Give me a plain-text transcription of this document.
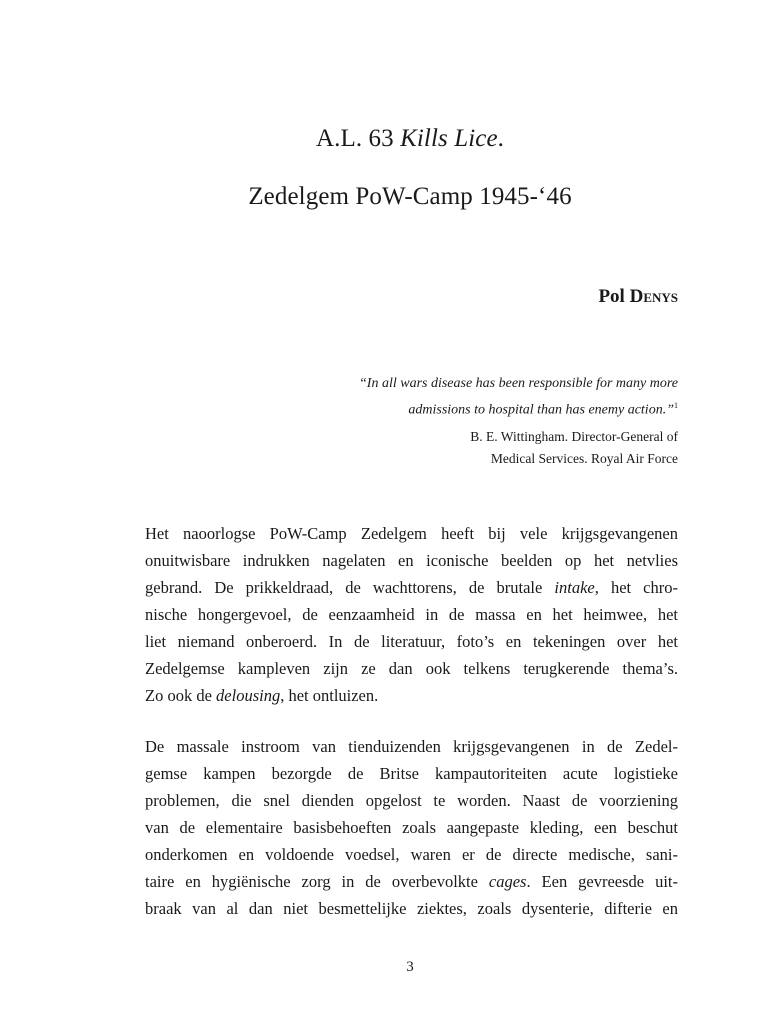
A.L. 63 Kills Lice.
Zedelgem PoW-Camp 1945-‘46
Pol Denys
“In all wars disease has been responsible for many more
admissions to hospital than has enemy action.”$^1$
B. E. Wittingham. Director-General of
Medical Services. Royal Air Force
Het naoorlogse PoW-Camp Zedelgem heeft bij vele krijgsgevangenen
onuitwisbare indrukken nagelaten en iconische beelden op het netvlies
gebrand. De prikkeldraad, de wachttorens, de brutale intake, het chro-
nische hongergevoel, de eenzaamheid in de massa en het heimwee, het
liet niemand onberoerd. In de literatuur, foto’s en tekeningen over het
Zedelgemse kampleven zijn ze dan ook telkens terugkerende thema’s.
Zo ook de delousing, het ontluizen.
De massale instroom van tienduizenden krijgsgevangenen in de Zedel-
gemse kampen bezorgde de Britse kampautoriteiten acute logistieke
problemen, die snel dienden opgelost te worden. Naast de voorziening
van de elementaire basisbehoeften zoals aangepaste kleding, een beschut
onderkomen en voldoende voedsel, waren er de directe medische, sani-
taire en hygiënische zorg in de overbevolkte cages. Een gevreesde uit-
braak van al dan niet besmettelijke ziektes, zoals dysenterie, difterie en
3
